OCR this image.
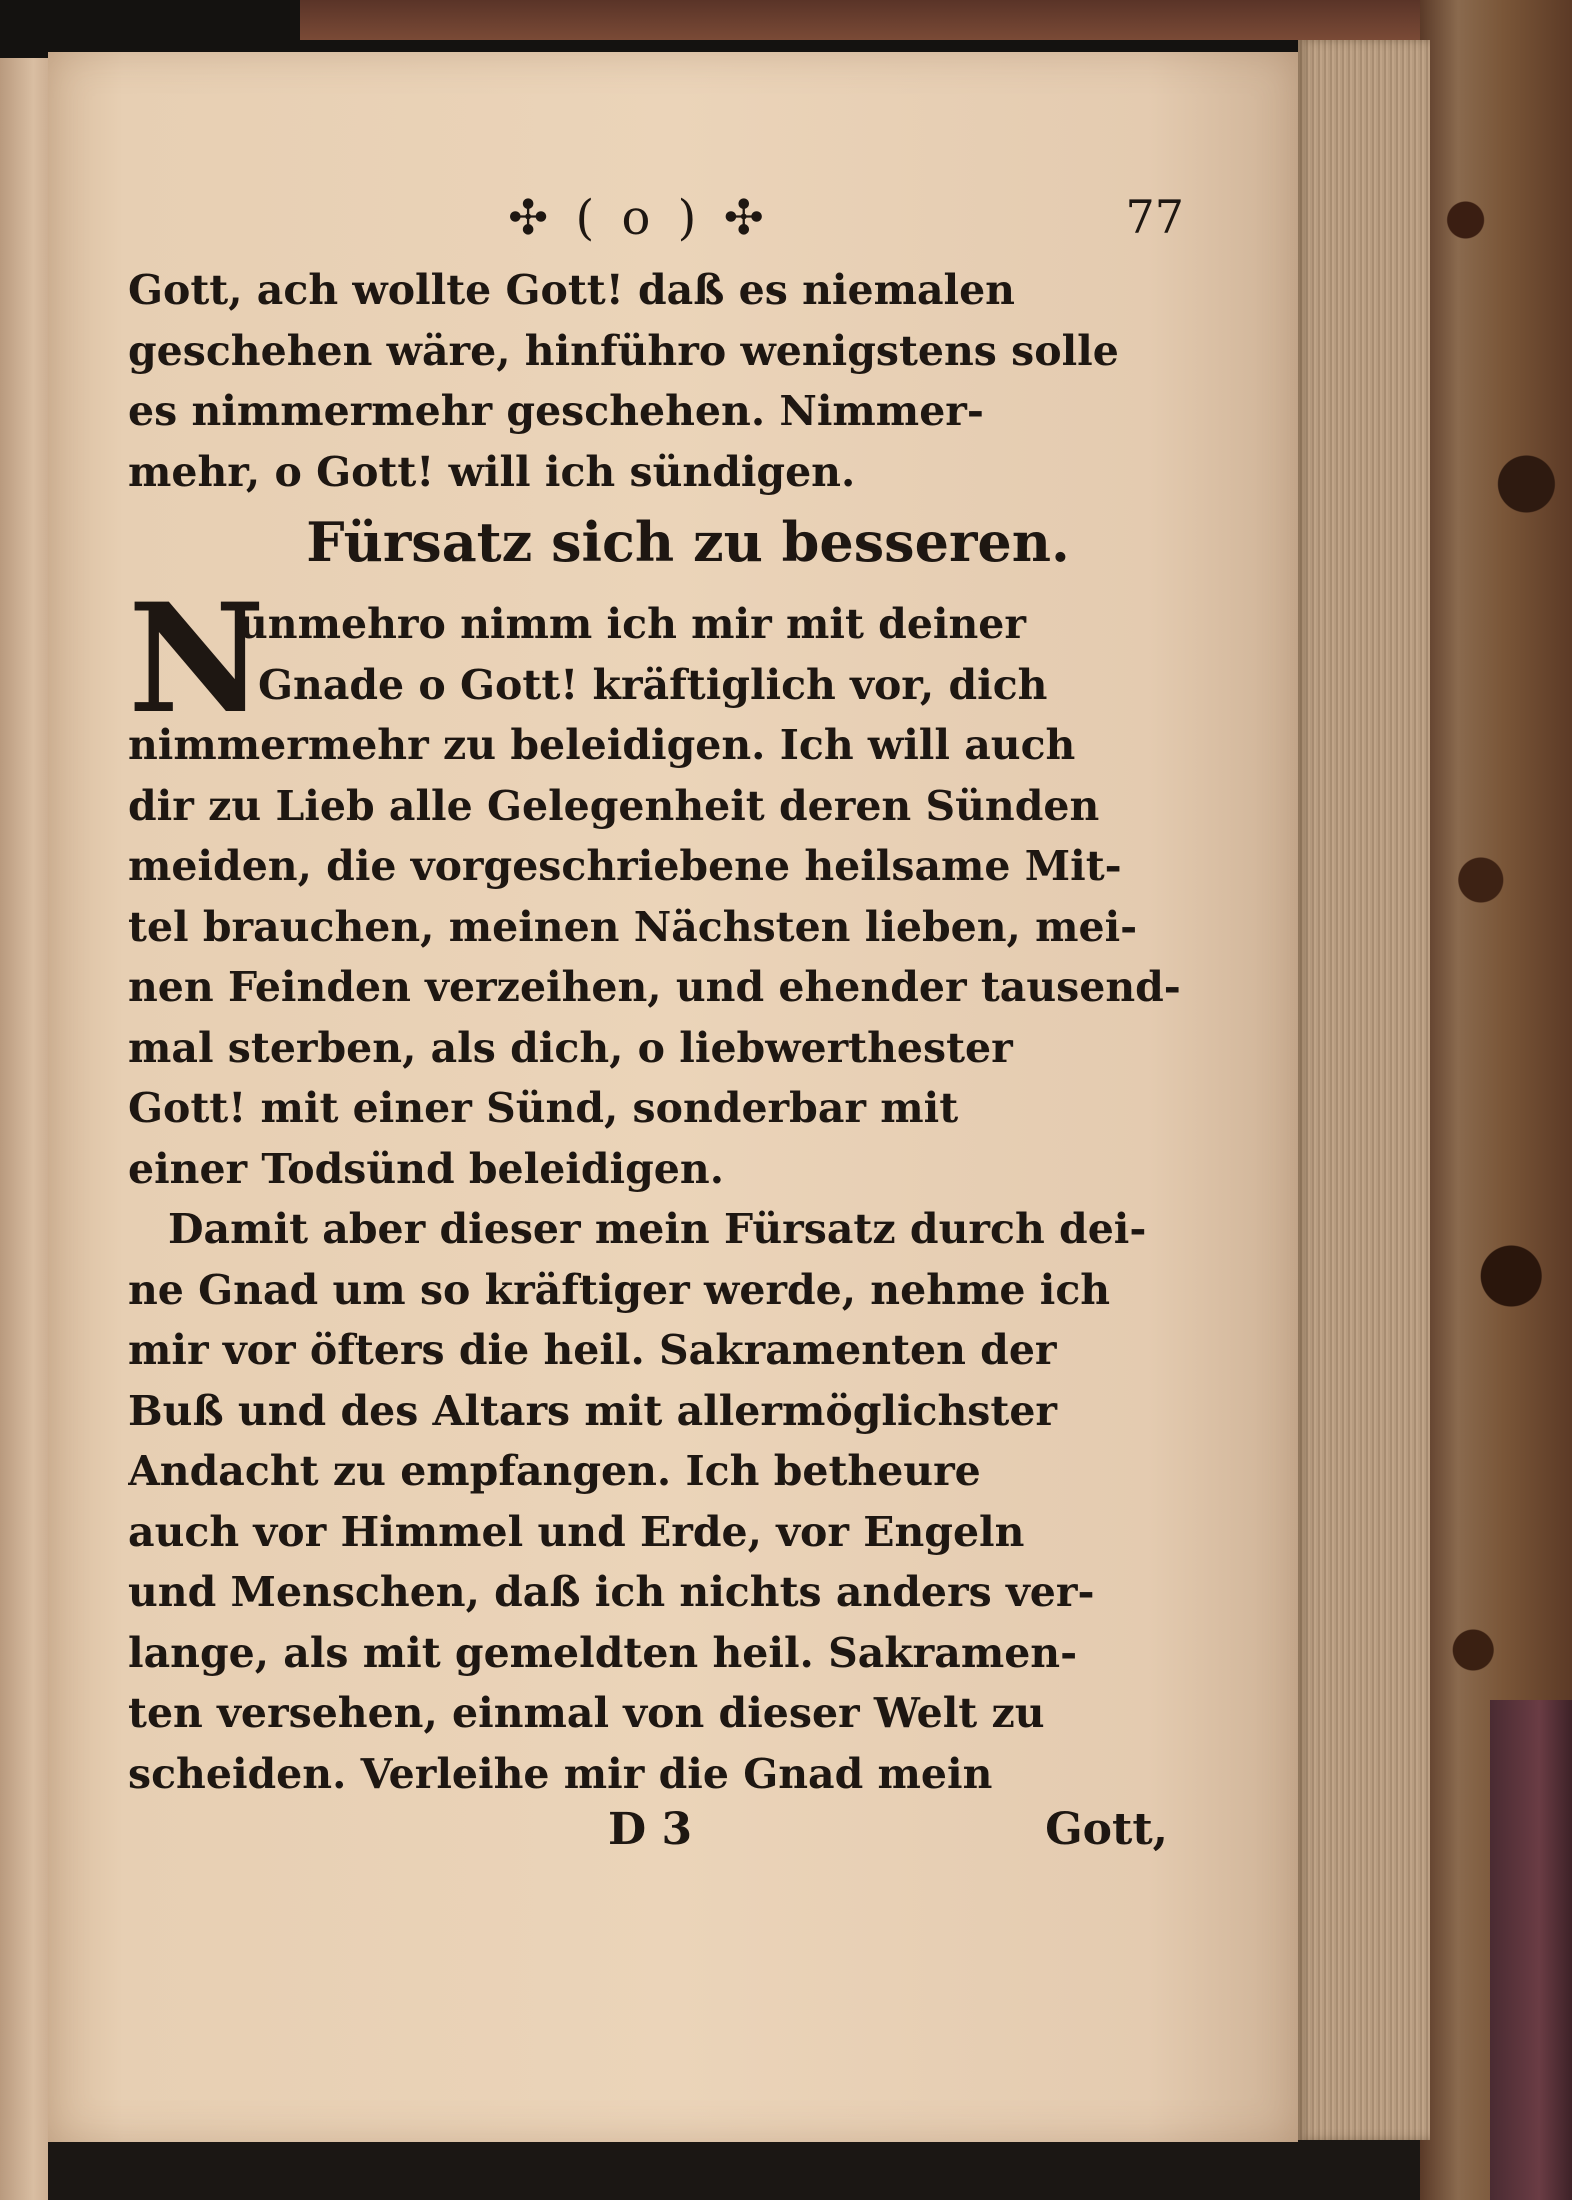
✣ ( o ) ✣	77
Gott, ach wollte Gott! daß es niemalen
geschehen wäre, hinführo wenigstens solle
es nimmermehr geschehen. Nimmer-
mehr, o Gott! will ich sündigen.
Fürsatz sich zu besseren.
N
unmehro nimm ich mir mit deiner
Gnade o Gott! kräftiglich vor, dich
nimmermehr zu beleidigen. Ich will auch
dir zu Lieb alle Gelegenheit deren Sünden
meiden, die vorgeschriebene heilsame Mit-
tel brauchen, meinen Nächsten lieben, mei-
nen Feinden verzeihen, und ehender tausend-
mal sterben, als dich, o liebwerthester
Gott! mit einer Sünd, sonderbar mit
einer Todsünd beleidigen.
Damit aber dieser mein Fürsatz durch dei-
ne Gnad um so kräftiger werde, nehme ich
mir vor öfters die heil. Sakramenten der
Buß und des Altars mit allermöglichster
Andacht zu empfangen. Ich betheure
auch vor Himmel und Erde, vor Engeln
und Menschen, daß ich nichts anders ver-
lange, als mit gemeldten heil. Sakramen-
ten versehen, einmal von dieser Welt zu
scheiden. Verleihe mir die Gnad mein
D 3	Gott,
